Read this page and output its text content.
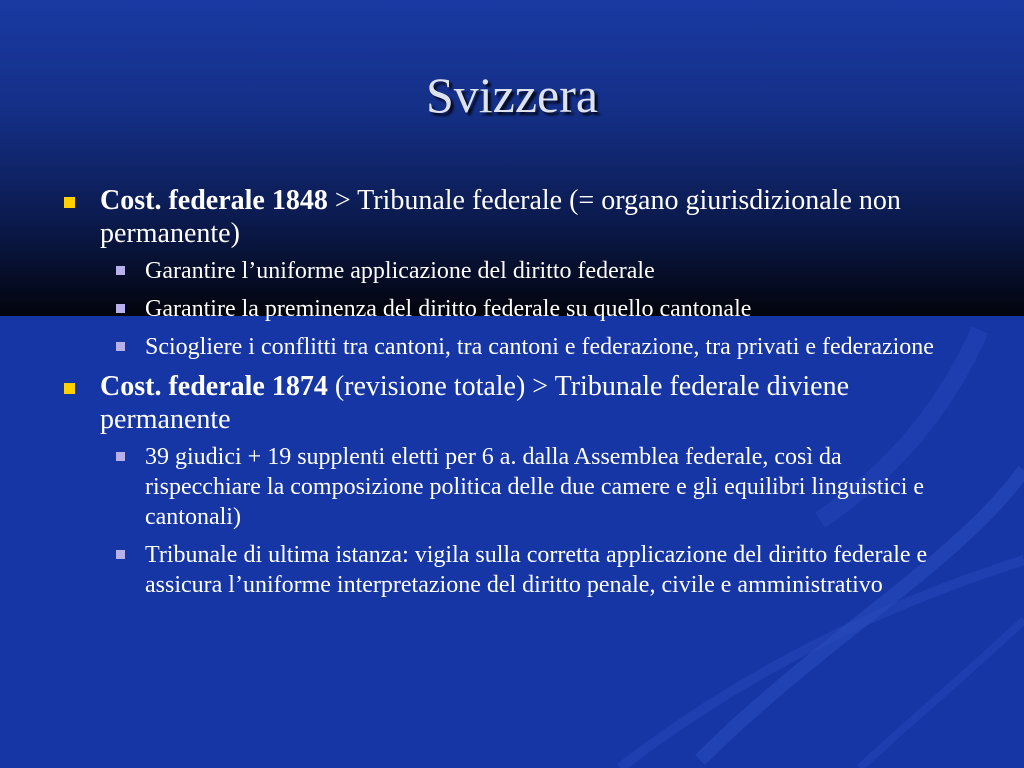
Svizzera
Cost. federale 1848 > Tribunale federale (= organo giurisdizionale non permanente)
Garantire l’uniforme applicazione del diritto federale
Garantire la preminenza del diritto federale su quello cantonale
Sciogliere i conflitti tra cantoni, tra cantoni e federazione, tra privati e federazione
Cost. federale 1874 (revisione totale) > Tribunale federale diviene permanente
39 giudici + 19 supplenti eletti per 6 a. dalla Assemblea federale, così da rispecchiare la composizione politica delle due camere e gli equilibri linguistici e cantonali)
Tribunale di ultima istanza: vigila sulla corretta applicazione del diritto federale e assicura l’uniforme interpretazione del diritto penale, civile e amministrativo
